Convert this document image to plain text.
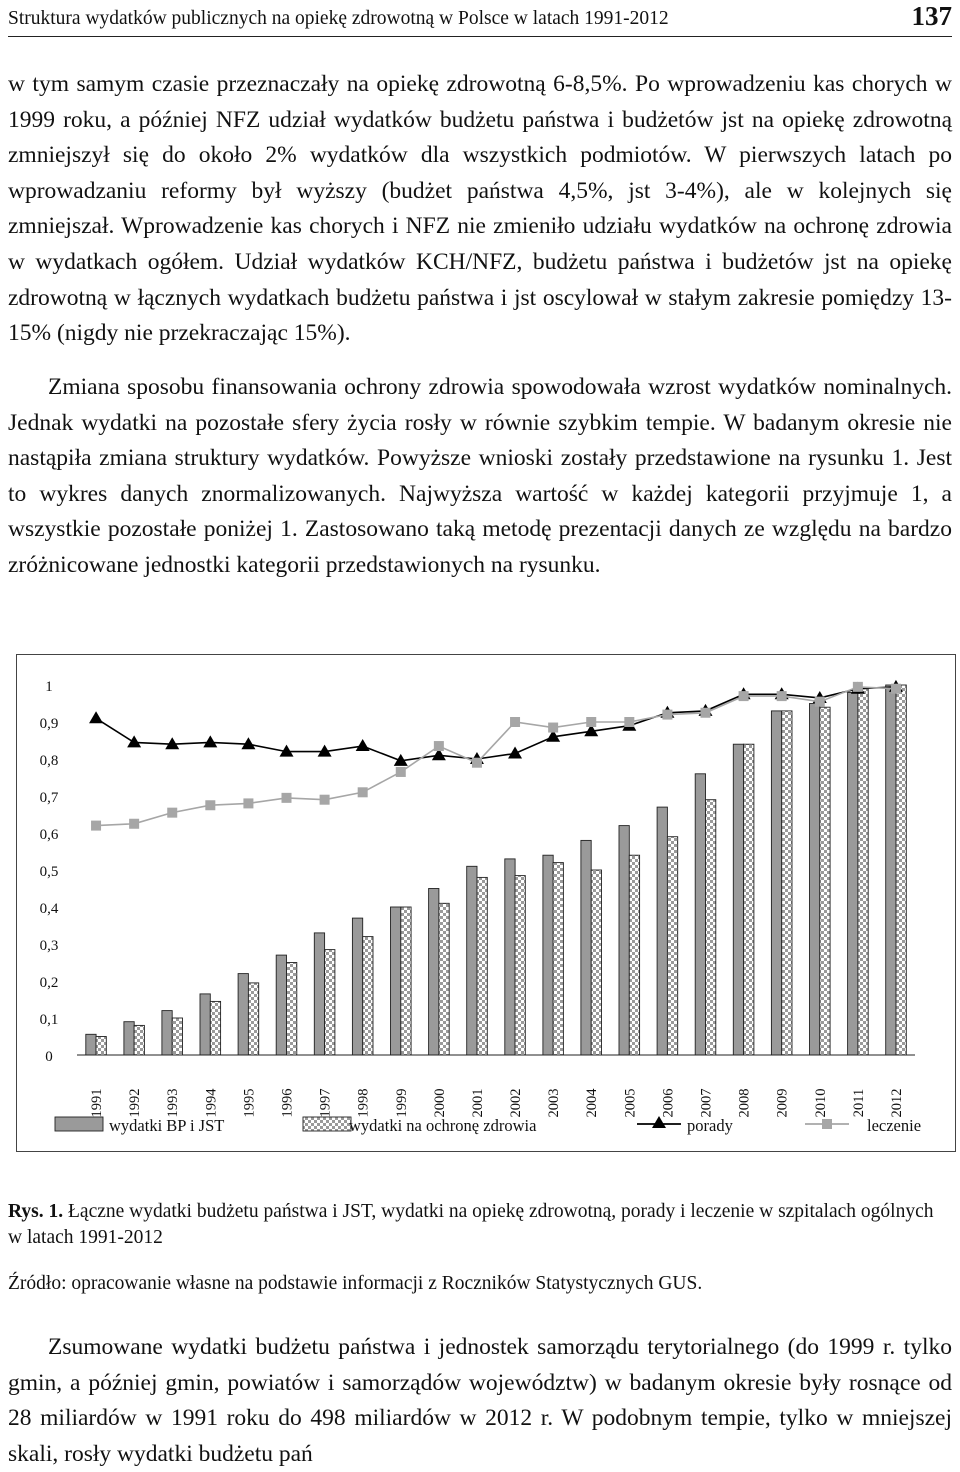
Struktura wydatków publicznych na opiekę zdrowotną w Polsce w latach 1991-2012	137

w tym samym czasie przeznaczały na opiekę zdrowotną 6-8,5%. Po wprowadzeniu kas chorych w 1999 roku, a później NFZ udział wydatków budżetu państwa i budżetów jst na opiekę zdrowotną zmniejszył się do około 2% wydatków dla wszystkich podmiotów. W pierwszych latach po wprowadzaniu reformy był wyższy (budżet państwa 4,5%, jst 3-4%), ale w kolejnych się zmniejszał. Wprowadzenie kas chorych i NFZ nie zmieniło udziału wydatków na ochronę zdrowia w wydatkach ogółem. Udział wydatków KCH/NFZ, budżetu państwa i budżetów jst na opiekę zdrowotną w łącznych wydatkach budżetu państwa i jst oscylował w stałym zakresie pomiędzy 13-15% (nigdy nie przekraczając 15%).

Zmiana sposobu finansowania ochrony zdrowia spowodowała wzrost wydatków nominalnych. Jednak wydatki na pozostałe sfery życia rosły w równie szybkim tempie. W badanym okresie nie nastąpiła zmiana struktury wydatków. Powyższe wnioski zostały przedstawione na rysunku 1. Jest to wykres danych znormalizowanych. Najwyższa wartość w każdej kategorii przyjmuje 1, a wszystkie pozostałe poniżej 1. Zastosowano taką metodę prezentacji danych ze względu na bardzo zróżnicowane jednostki kategorii przedstawionych na rysunku.

0
0,1
0,2
0,3
0,4
0,5
0,6
0,7
0,8
0,9
1
1991 1992 1993 1994 1995 1996 1997 1998 1999 2000 2001 2002 2003 2004 2005 2006 2007 2008 2009 2010 2011 2012
wydatki BP i JST	wydatki na ochronę zdrowia	porady	leczenie

Rys. 1. Łączne wydatki budżetu państwa i JST, wydatki na opiekę zdrowotną, porady i leczenie w szpitalach ogólnych w latach 1991-2012

Źródło: opracowanie własne na podstawie informacji z Roczników Statystycznych GUS.

Zsumowane wydatki budżetu państwa i jednostek samorządu terytorialnego (do 1999 r. tylko gmin, a później gmin, powiatów i samorządów województw) w badanym okresie były rosnące od 28 miliardów w 1991 roku do 498 miliardów w 2012 r. W podobnym tempie, tylko w mniejszej skali, rosły wydatki budżetu pań
